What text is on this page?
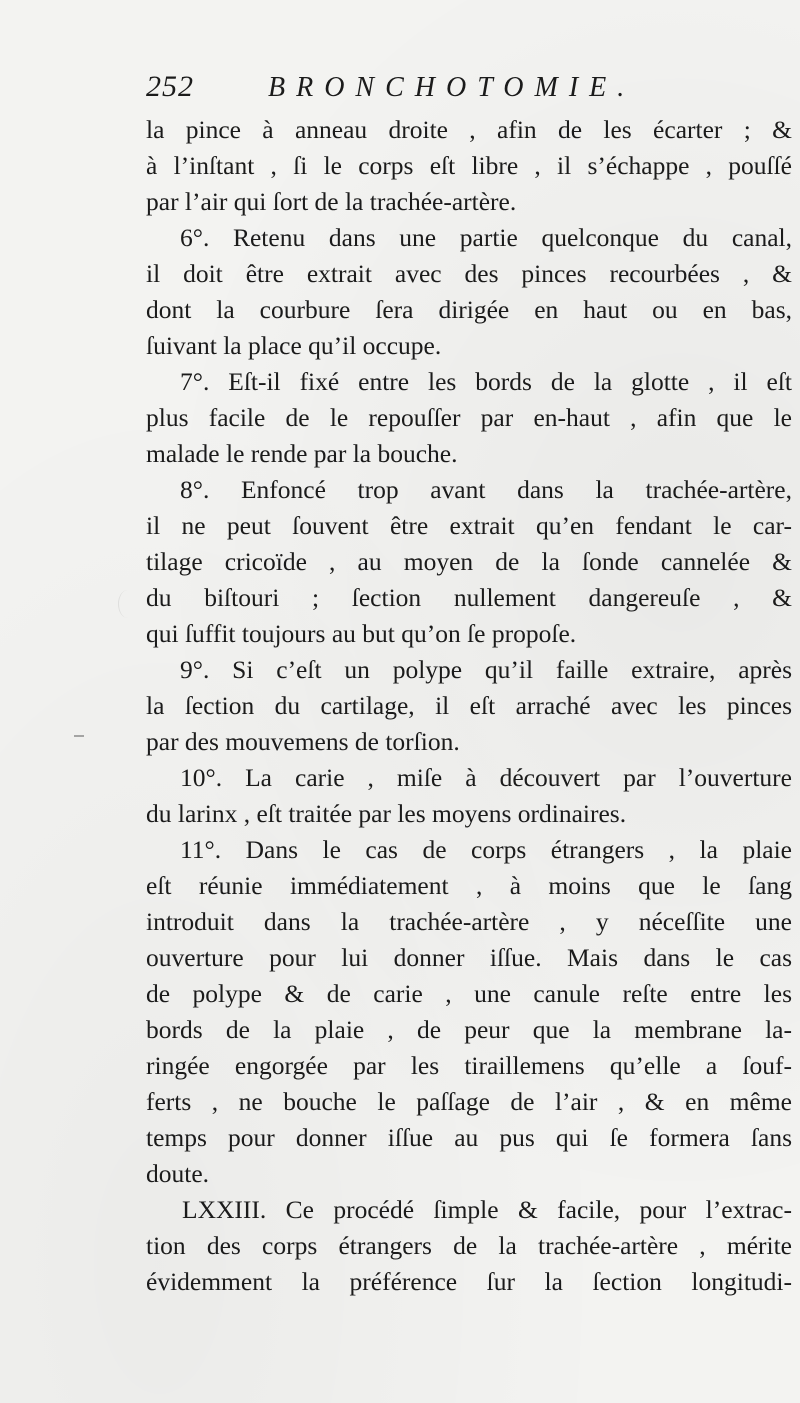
252	BRONCHOTOMIE.
la pince à anneau droite , afin de les écarter ; &
à l’inſtant , ſi le corps eſt libre , il s’échappe , pouſſé
par l’air qui ſort de la trachée-artère.
6°. Retenu dans une partie quelconque du canal,
il doit être extrait avec des pinces recourbées , &
dont la courbure ſera dirigée en haut ou en bas,
ſuivant la place qu’il occupe.
7°. Eſt-il fixé entre les bords de la glotte , il eſt
plus facile de le repouſſer par en-haut , afin que le
malade le rende par la bouche.
8°. Enfoncé trop avant dans la trachée-artère,
il ne peut ſouvent être extrait qu’en fendant le car-
tilage cricoïde , au moyen de la ſonde cannelée &
du biſtouri ; ſection nullement dangereuſe , &
qui ſuffit toujours au but qu’on ſe propoſe.
9°. Si c’eſt un polype qu’il faille extraire, après
la ſection du cartilage, il eſt arraché avec les pinces
par des mouvemens de torſion.
10°. La carie , miſe à découvert par l’ouverture
du larinx , eſt traitée par les moyens ordinaires.
11°. Dans le cas de corps étrangers , la plaie
eſt réunie immédiatement , à moins que le ſang
introduit dans la trachée-artère , y néceſſite une
ouverture pour lui donner iſſue. Mais dans le cas
de polype & de carie , une canule reſte entre les
bords de la plaie , de peur que la membrane la-
ringée engorgée par les tiraillemens qu’elle a ſouf-
ferts , ne bouche le paſſage de l’air , & en même
temps pour donner iſſue au pus qui ſe formera ſans
doute.
LXXIII. Ce procédé ſimple & facile, pour l’extrac-
tion des corps étrangers de la trachée-artère , mérite
évidemment la préférence ſur la ſection longitudi-
